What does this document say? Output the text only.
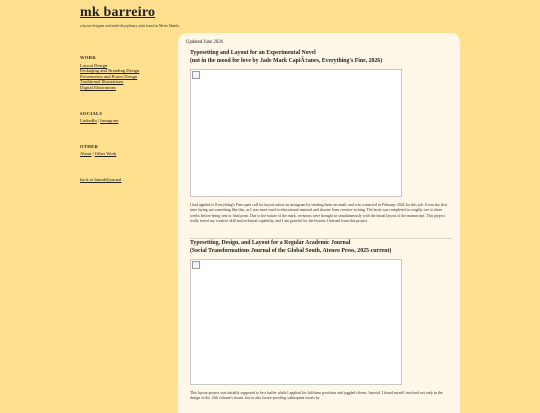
mk barreiro
a layout designer and multi-disciplinary artist based in Metro Manila
WORK
Layout Design
Packaging and Branding Design
Presentation and Poster Design
Traditional Illustrations
Digital Illustrations
SOCIALS
LinkedIn | Instagram
OTHER
About | Other Work
back to bmudeljournal
Updated June 2026
Typesetting and Layout for an Experimental Novel
(not in the mood for love by Jade Mark CapiÃ±anes, Everything's Fine, 2026)
I had applied to Everything's Fine open call for layout artists on instagram by sending them an email, and was contacted in February 2026 for this job. It was my first time laying out something like this, as I was more used to educational material and shorter form creative writing. The book was completed in roughly two to three weeks before being sent to final print. Due to the nature of the mark, revisions were brought in simultaneously with the initial layout of the manuscript. This project really tested my creative skill and technical capability, and I am grateful for the lessons I learned from this project.
Typesetting, Design, and Layout for a Regular Academic Journal
(Social Transformations Journal of the Global South, Ateneo Press, 2025-current)
This layout project was initially supposed to be a buffer while I applied for full-time positions and juggled clients. Instead, I found myself involved not only in the design of the 12th volume's issues, but in also future-proofing subsequent issues by
